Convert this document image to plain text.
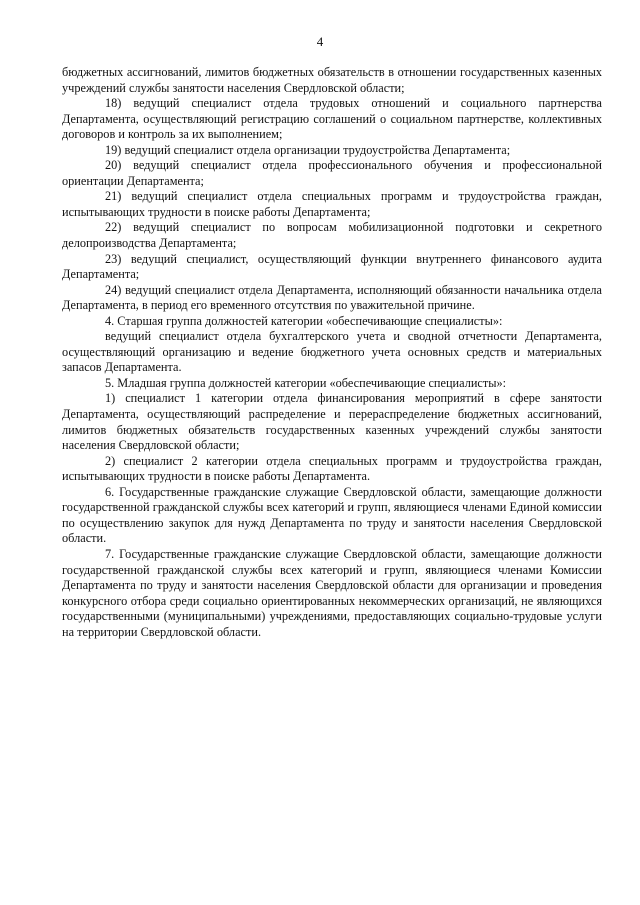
4

бюджетных ассигнований, лимитов бюджетных обязательств в отношении государственных казенных учреждений службы занятости населения Свердловской области;

18) ведущий специалист отдела трудовых отношений и социального партнерства Департамента, осуществляющий регистрацию соглашений о социальном партнерстве, коллективных договоров и контроль за их выполнением;

19) ведущий специалист отдела организации трудоустройства Департамента;

20) ведущий специалист отдела профессионального обучения и профессиональной ориентации Департамента;

21) ведущий специалист отдела специальных программ и трудоустройства граждан, испытывающих трудности в поиске работы Департамента;

22) ведущий специалист по вопросам мобилизационной подготовки и секретного делопроизводства Департамента;

23) ведущий специалист, осуществляющий функции внутреннего финансового аудита Департамента;

24) ведущий специалист отдела Департамента, исполняющий обязанности начальника отдела Департамента, в период его временного отсутствия по уважительной причине.

4. Старшая группа должностей категории «обеспечивающие специалисты»:

ведущий специалист отдела бухгалтерского учета и сводной отчетности Департамента, осуществляющий организацию и ведение бюджетного учета основных средств и материальных запасов Департамента.

5. Младшая группа должностей категории «обеспечивающие специалисты»:

1) специалист 1 категории отдела финансирования мероприятий в сфере занятости Департамента, осуществляющий распределение и перераспределение бюджетных ассигнований, лимитов бюджетных обязательств государственных казенных учреждений службы занятости населения Свердловской области;

2) специалист 2 категории отдела специальных программ и трудоустройства граждан, испытывающих трудности в поиске работы Департамента.

6. Государственные гражданские служащие Свердловской области, замещающие должности государственной гражданской службы всех категорий и групп, являющиеся членами Единой комиссии по осуществлению закупок для нужд Департамента по труду и занятости населения Свердловской области.

7. Государственные гражданские служащие Свердловской области, замещающие должности государственной гражданской службы всех категорий и групп, являющиеся членами Комиссии Департамента по труду и занятости населения Свердловской области для организации и проведения конкурсного отбора среди социально ориентированных некоммерческих организаций, не являющихся государственными (муниципальными) учреждениями, предоставляющих социально-трудовые услуги на территории Свердловской области.
